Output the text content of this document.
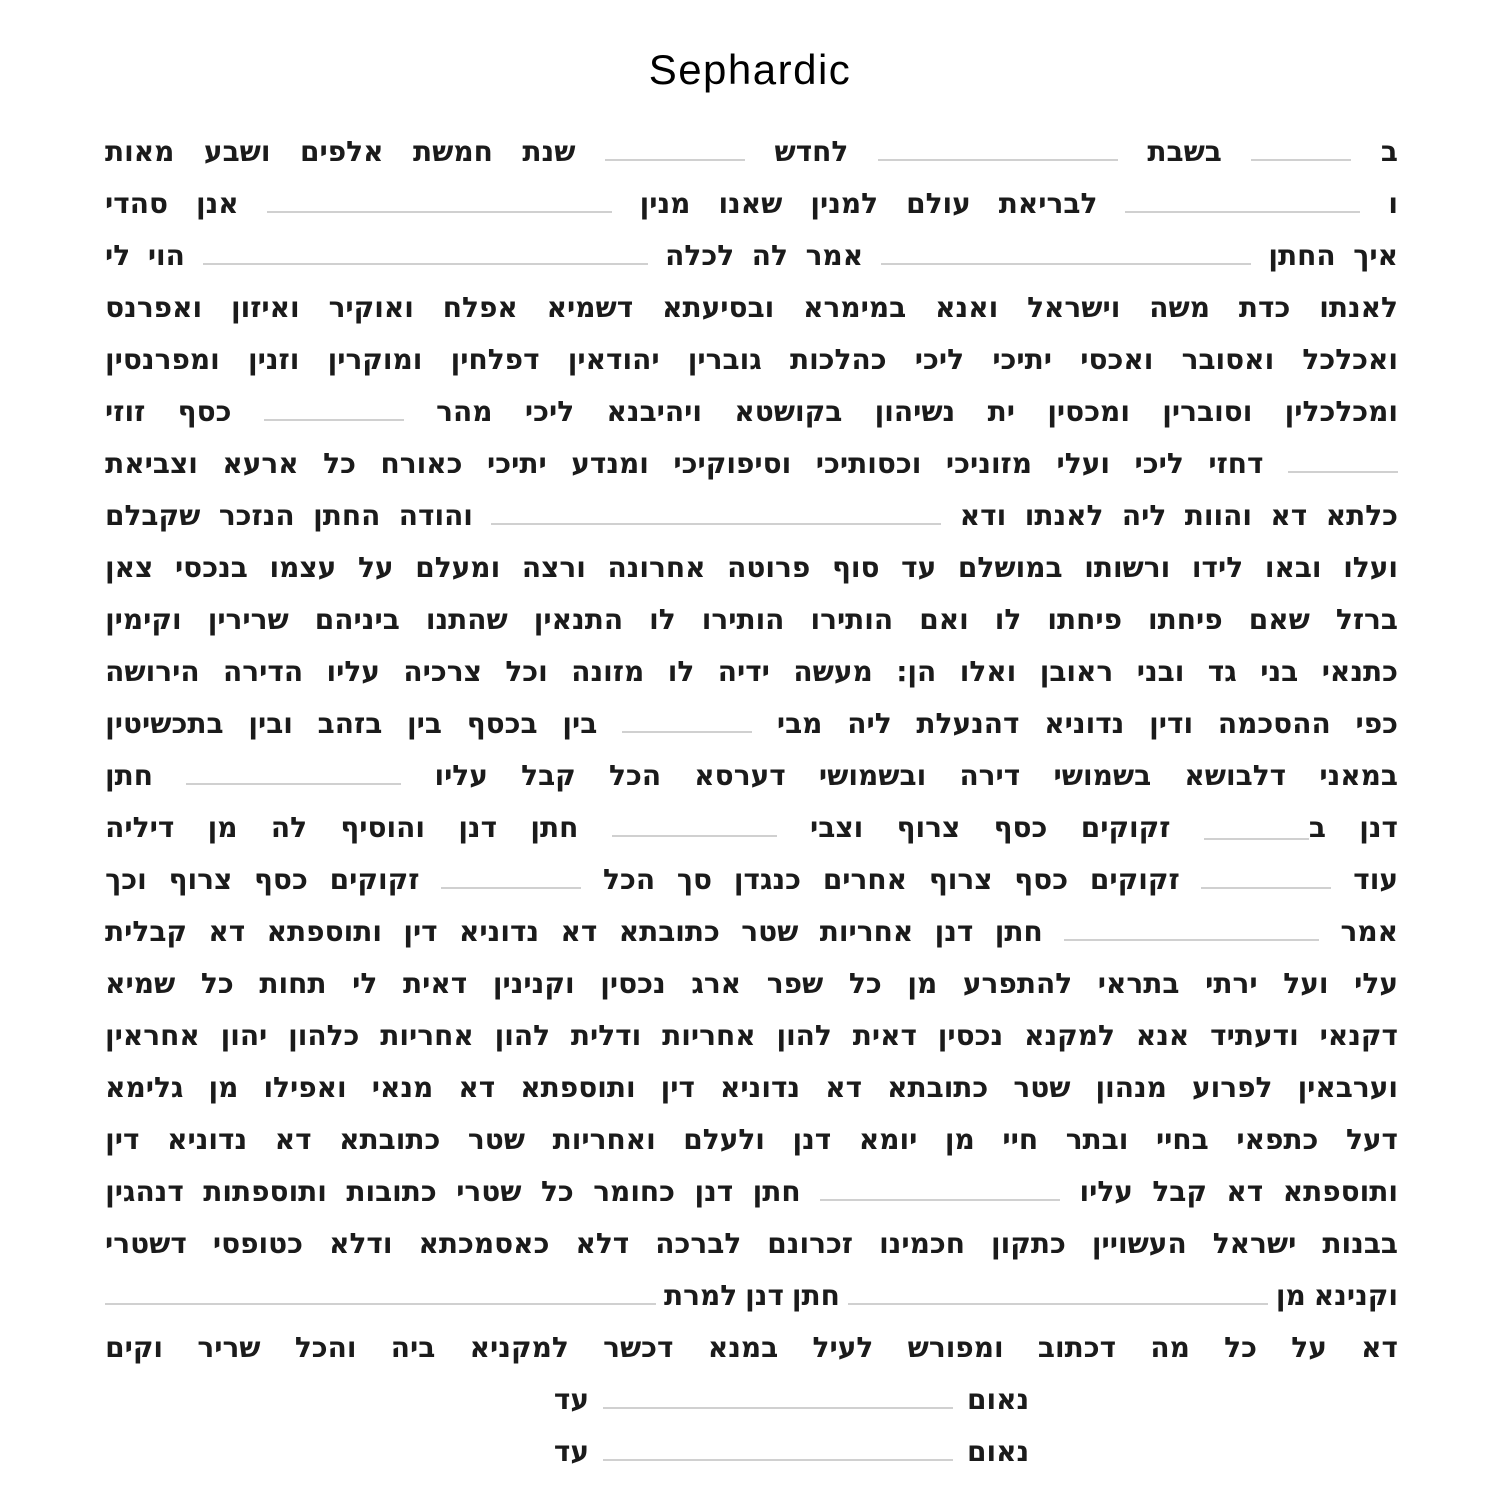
Sephardic
ב
בשבת
לחדש
שנת
חמשת
אלפים
ושבע
מאות
ו
לבריאת
עולם
למנין
שאנו
מנין
אנן
סהדי
איך
החתן
אמר
לה
לכלה
הוי
לי
לאנתו
כדת
משה
וישראל
ואנא
במימרא
ובסיעתא
דשמיא
אפלח
ואוקיר
ואיזון
ואפרנס
ואכלכל
ואסובר
ואכסי
יתיכי
ליכי
כהלכות
גוברין
יהודאין
דפלחין
ומוקרין
וזנין
ומפרנסין
ומכלכלין
וסוברין
ומכסין
ית
נשיהון
בקושטא
ויהיבנא
ליכי
מהר
כסף
זוזי
דחזי
ליכי
ועלי
מזוניכי
וכסותיכי
וסיפוקיכי
ומנדע
יתיכי
כאורח
כל
ארעא
וצביאת
כלתא
דא
והוות
ליה
לאנתו
ודא
והודה
החתן
הנזכר
שקבלם
ועלו
ובאו
לידו
ורשותו
במושלם
עד
סוף
פרוטה
אחרונה
ורצה
ומעלם
על
עצמו
בנכסי
צאן
ברזל
שאם
פיחתו
פיחתו
לו
ואם
הותירו
הותירו
לו
התנאין
שהתנו
ביניהם
שרירין
וקימין
כתנאי
בני
גד
ובני
ראובן
ואלו
הן:
מעשה
ידיה
לו
מזונה
וכל
צרכיה
עליו
הדירה
הירושה
כפי
ההסכמה
ודין
נדוניא
דהנעלת
ליה
מבי
בין
בכסף
בין
בזהב
ובין
בתכשיטין
במאני
דלבושא
בשמושי
דירה
ובשמושי
דערסא
הכל
קבל
עליו
חתן
דנן
ב
זקוקים
כסף
צרוף
וצבי
חתן
דנן
והוסיף
לה
מן
דיליה
עוד
זקוקים
כסף
צרוף
אחרים
כנגדן
סך
הכל
זקוקים
כסף
צרוף
וכך
אמר
חתן
דנן
אחריות
שטר
כתובתא
דא
נדוניא
דין
ותוספתא
דא
קבלית
עלי
ועל
ירתי
בתראי
להתפרע
מן
כל
שפר
ארג
נכסין
וקנינין
דאית
לי
תחות
כל
שמיא
דקנאי
ודעתיד
אנא
למקנא
נכסין
דאית
להון
אחריות
ודלית
להון
אחריות
כלהון
יהון
אחראין
וערבאין
לפרוע
מנהון
שטר
כתובתא
דא
נדוניא
דין
ותוספתא
דא
מנאי
ואפילו
מן
גלימא
דעל
כתפאי
בחיי
ובתר
חיי
מן
יומא
דנן
ולעלם
ואחריות
שטר
כתובתא
דא
נדוניא
דין
ותוספתא
דא
קבל
עליו
חתן
דנן
כחומר
כל
שטרי
כתובות
ותוספתות
דנהגין
בבנות
ישראל
העשויין
כתקון
חכמינו
זכרונם
לברכה
דלא
כאסמכתא
ודלא
כטופסי
דשטרי
וקנינא
מן
חתן
דנן
למרת
דא
על
כל
מה
דכתוב
ומפורש
לעיל
במנא
דכשר
למקניא
ביה
והכל
שריר
וקים
נאום
עד
נאום
עד
